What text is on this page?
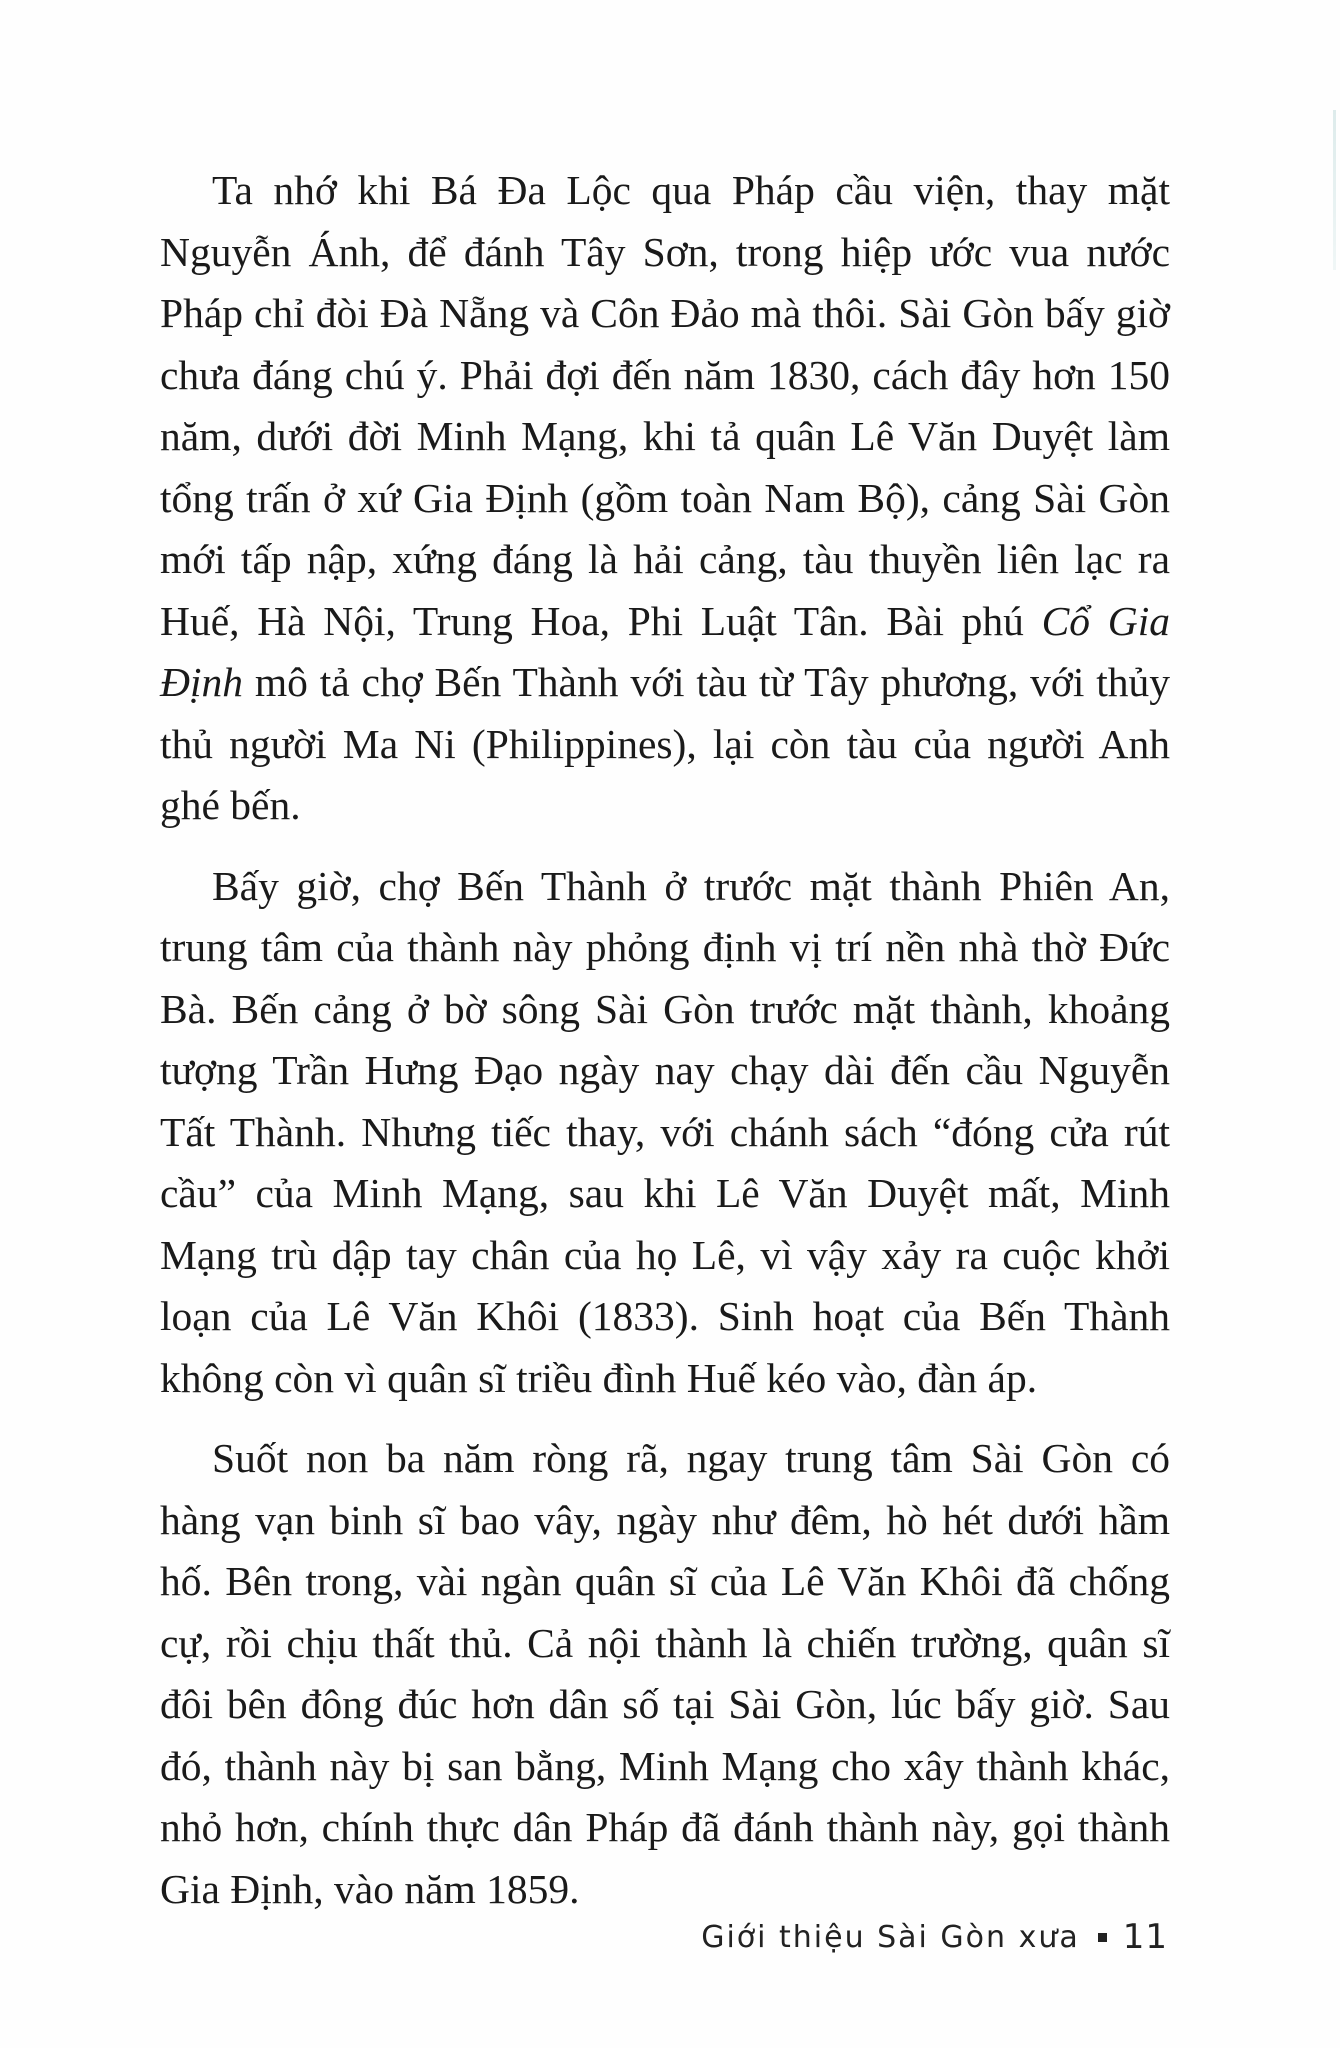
Ta nhớ khi Bá Đa Lộc qua Pháp cầu viện, thay mặt Nguyễn Ánh, để đánh Tây Sơn, trong hiệp ước vua nước Pháp chỉ đòi Đà Nẵng và Côn Đảo mà thôi. Sài Gòn bấy giờ chưa đáng chú ý. Phải đợi đến năm 1830, cách đây hơn 150 năm, dưới đời Minh Mạng, khi tả quân Lê Văn Duyệt làm tổng trấn ở xứ Gia Định (gồm toàn Nam Bộ), cảng Sài Gòn mới tấp nập, xứng đáng là hải cảng, tàu thuyền liên lạc ra Huế, Hà Nội, Trung Hoa, Phi Luật Tân. Bài phú Cổ Gia Định mô tả chợ Bến Thành với tàu từ Tây phương, với thủy thủ người Ma Ni (Philippines), lại còn tàu của người Anh ghé bến.

Bấy giờ, chợ Bến Thành ở trước mặt thành Phiên An, trung tâm của thành này phỏng định vị trí nền nhà thờ Đức Bà. Bến cảng ở bờ sông Sài Gòn trước mặt thành, khoảng tượng Trần Hưng Đạo ngày nay chạy dài đến cầu Nguyễn Tất Thành. Nhưng tiếc thay, với chánh sách “đóng cửa rút cầu” của Minh Mạng, sau khi Lê Văn Duyệt mất, Minh Mạng trù dập tay chân của họ Lê, vì vậy xảy ra cuộc khởi loạn của Lê Văn Khôi (1833). Sinh hoạt của Bến Thành không còn vì quân sĩ triều đình Huế kéo vào, đàn áp.

Suốt non ba năm ròng rã, ngay trung tâm Sài Gòn có hàng vạn binh sĩ bao vây, ngày như đêm, hò hét dưới hầm hố. Bên trong, vài ngàn quân sĩ của Lê Văn Khôi đã chống cự, rồi chịu thất thủ. Cả nội thành là chiến trường, quân sĩ đôi bên đông đúc hơn dân số tại Sài Gòn, lúc bấy giờ. Sau đó, thành này bị san bằng, Minh Mạng cho xây thành khác, nhỏ hơn, chính thực dân Pháp đã đánh thành này, gọi thành Gia Định, vào năm 1859.

Giới thiệu Sài Gòn xưa 11
